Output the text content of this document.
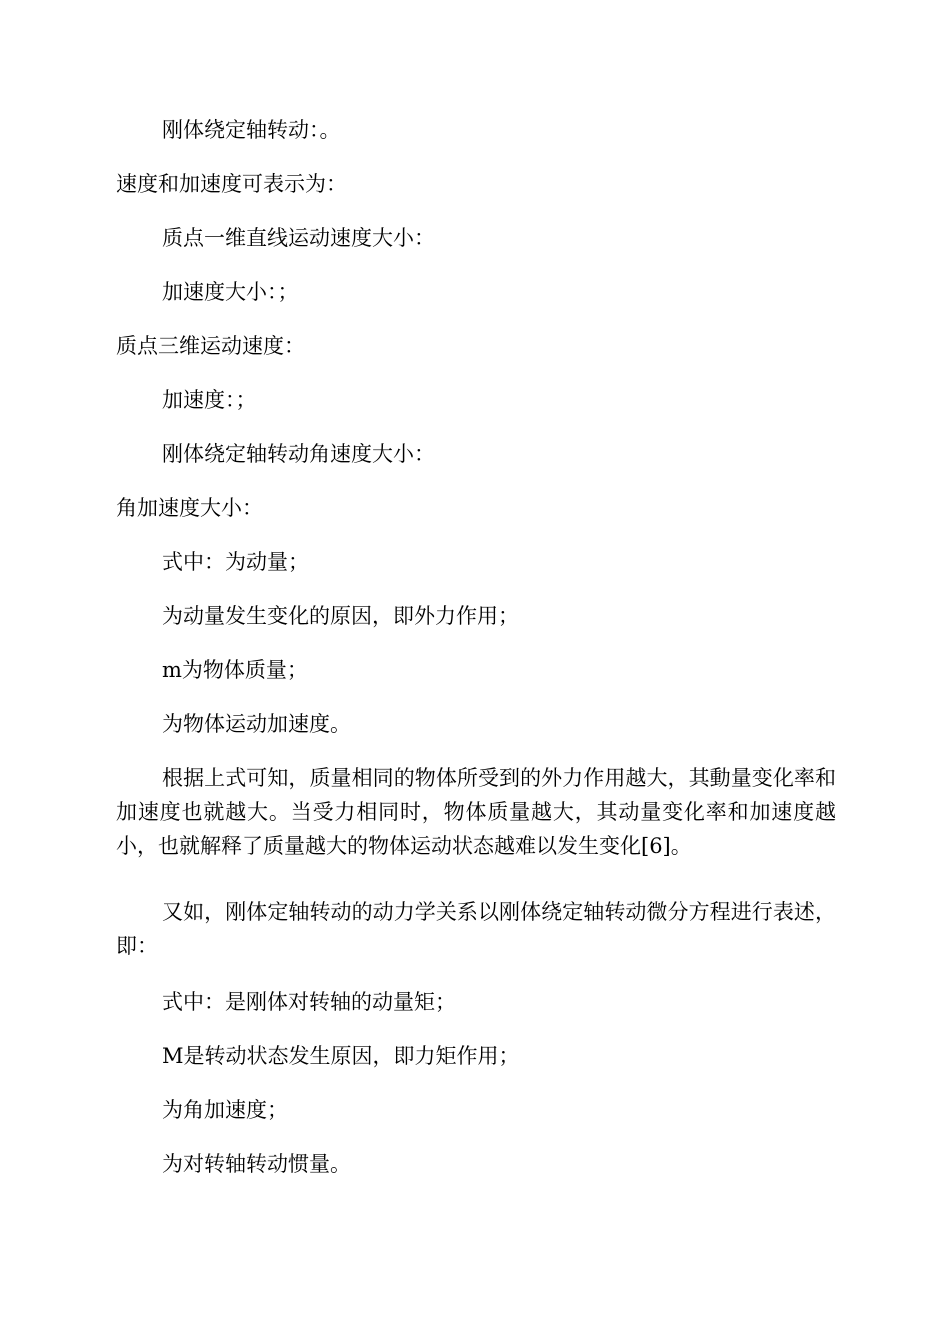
刚体绕定轴转动：。

速度和加速度可表示为：

质点一维直线运动速度大小：

加速度大小：；

质点三维运动速度：

加速度：；

刚体绕定轴转动角速度大小：

角加速度大小：

式中：为动量；

为动量发生变化的原因，即外力作用；

m为物体质量；

为物体运动加速度。

根据上式可知，质量相同的物体所受到的外力作用越大，其動量变化率和加速度也就越大。当受力相同时，物体质量越大，其动量变化率和加速度越小，也就解释了质量越大的物体运动状态越难以发生变化[6]。

又如，刚体定轴转动的动力学关系以刚体绕定轴转动微分方程进行表述，即：

式中：是刚体对转轴的动量矩；

M是转动状态发生原因，即力矩作用；

为角加速度；

为对转轴转动惯量。
